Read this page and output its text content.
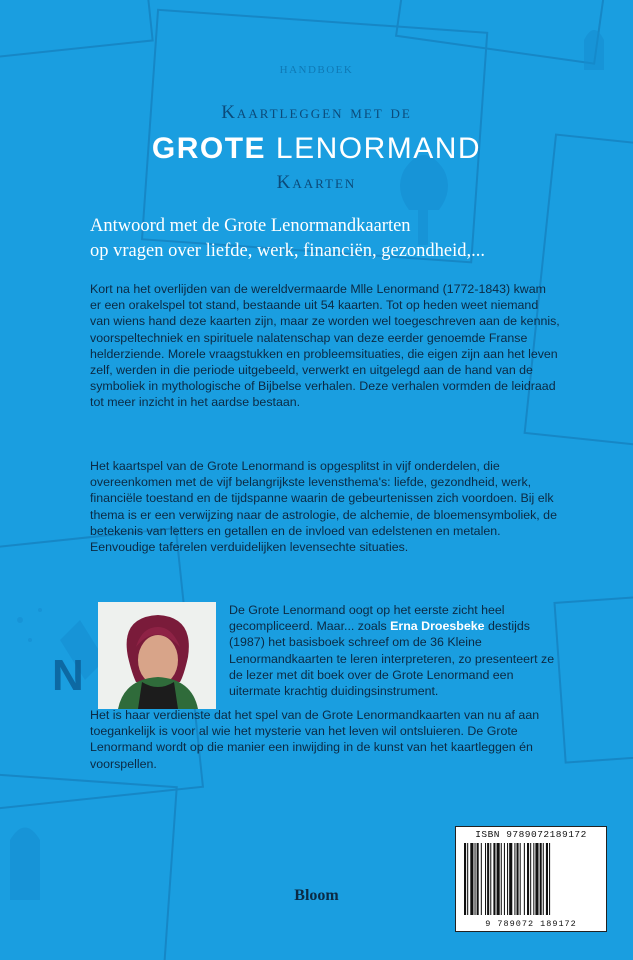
N
HANDBOEK
Kaartleggen met de
GROTE LENORMAND
Kaarten
Antwoord met de Grote Lenormandkaarten
op vragen over liefde, werk, financiën, gezondheid,...
Kort na het overlijden van de wereldvermaarde Mlle Lenormand (1772-1843) kwam er een orakelspel tot stand, bestaande uit 54 kaarten. Tot op heden weet niemand van wiens hand deze kaarten zijn, maar ze worden wel toegeschreven aan de kennis, voorspeltechniek en spirituele nalatenschap van deze eerder genoemde Franse helderziende. Morele vraagstukken en probleemsituaties, die eigen zijn aan het leven zelf, werden in die periode uitgebeeld, verwerkt en uitgelegd aan de hand van de symboliek in mythologische of Bijbelse verhalen. Deze verhalen vormden de leidraad tot meer inzicht in het aardse bestaan.
Het kaartspel van de Grote Lenormand is opgesplitst in vijf onderdelen, die overeenkomen met de vijf belangrijkste levensthema's: liefde, gezondheid, werk, financiële toestand en de tijdspanne waarin de gebeurtenissen zich voordoen. Bij elk thema is er een verwijzing naar de astrologie, de alchemie, de bloemensymboliek, de betekenis van letters en getallen en de invloed van edelstenen en metalen. Eenvoudige taferelen verduidelijken levensechte situaties.
De Grote Lenormand oogt op het eerste zicht heel gecompliceerd. Maar... zoals Erna Droesbeke destijds (1987) het basisboek schreef om de 36 Kleine Lenormandkaarten te leren interpreteren, zo presenteert ze de lezer met dit boek over de Grote Lenormand een uitermate krachtig duidingsinstrument.
Het is haar verdienste dat het spel van de Grote Lenormandkaarten van nu af aan toegankelijk is voor al wie het mysterie van het leven wil ontsluieren. De Grote Lenormand wordt op die manier een inwijding in de kunst van het kaartleggen én voorspellen.
Bloom
ISBN 9789072189172
9 789072 189172
